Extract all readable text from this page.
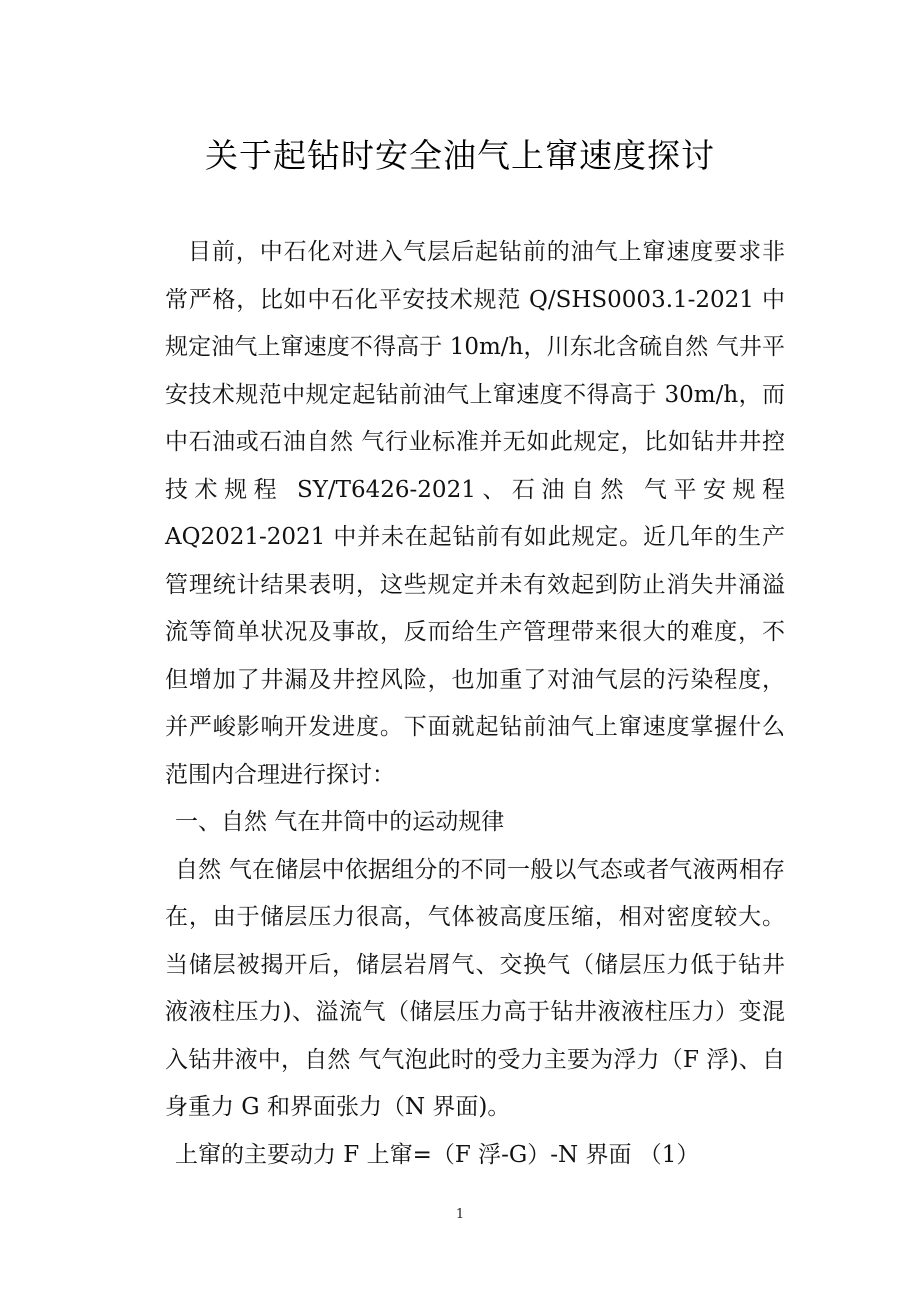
关于起钻时安全油气上窜速度探讨

目前，中石化对进入气层后起钻前的油气上窜速度要求非常严格，比如中石化平安技术规范 Q/SHS0003.1-2021 中规定油气上窜速度不得高于 10m/h，川东北含硫自然 气井平安技术规范中规定起钻前油气上窜速度不得高于 30m/h，而中石油或石油自然 气行业标准并无如此规定，比如钻井井控技术规程 SY/T6426-2021、石油自然 气平安规程 AQ2021-2021 中并未在起钻前有如此规定。近几年的生产管理统计结果表明，这些规定并未有效起到防止消失井涌溢流等简单状况及事故，反而给生产管理带来很大的难度，不但增加了井漏及井控风险，也加重了对油气层的污染程度，并严峻影响开发进度。下面就起钻前油气上窜速度掌握什么范围内合理进行探讨：

一、自然 气在井筒中的运动规律

自然 气在储层中依据组分的不同一般以气态或者气液两相存在，由于储层压力很高，气体被高度压缩，相对密度较大。当储层被揭开后，储层岩屑气、交换气（储层压力低于钻井液液柱压力)、溢流气（储层压力高于钻井液液柱压力）变混入钻井液中，自然 气气泡此时的受力主要为浮力（F 浮)、自身重力 G 和界面张力（N 界面)。

上窜的主要动力 F 上窜=（F 浮-G）-N 界面 （1）

1
